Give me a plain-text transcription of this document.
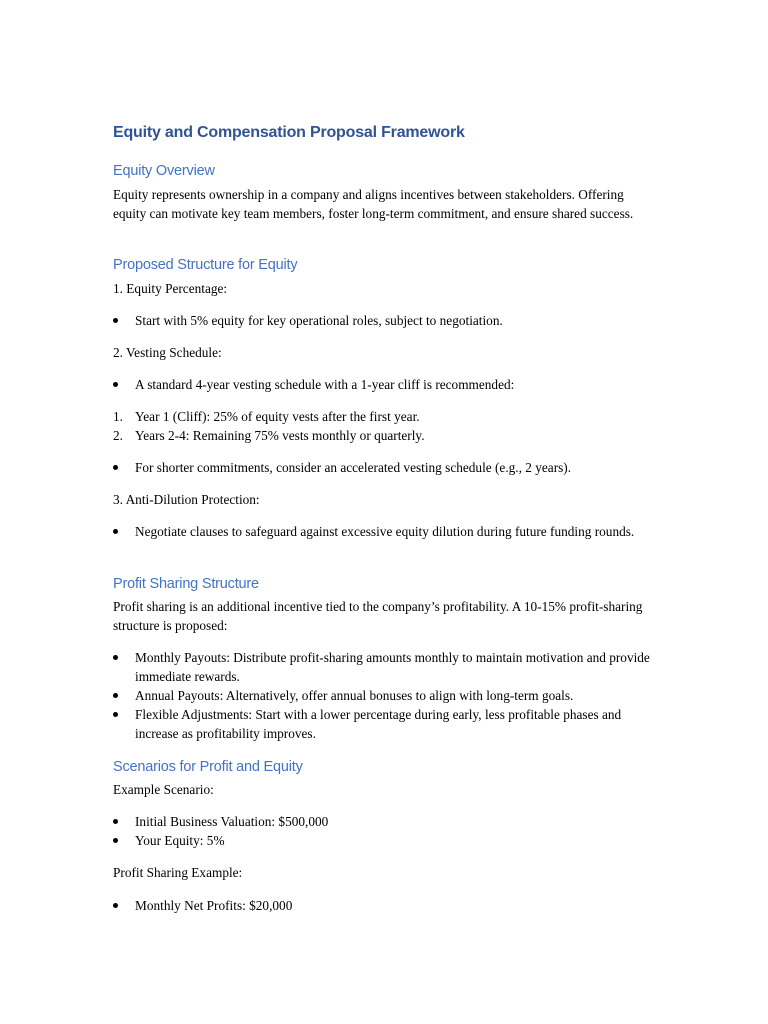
Equity and Compensation Proposal Framework
Equity Overview

Equity represents ownership in a company and aligns incentives between stakeholders. Offering equity can motivate key team members, foster long-term commitment, and ensure shared success.

Proposed Structure for Equity

1. Equity Percentage:

Start with 5% equity for key operational roles, subject to negotiation.

2. Vesting Schedule:

A standard 4-year vesting schedule with a 1-year cliff is recommended:
1. Year 1 (Cliff): 25% of equity vests after the first year.
2. Years 2-4: Remaining 75% vests monthly or quarterly.
For shorter commitments, consider an accelerated vesting schedule (e.g., 2 years).

3. Anti-Dilution Protection:

Negotiate clauses to safeguard against excessive equity dilution during future funding rounds.
Profit Sharing Structure

Profit sharing is an additional incentive tied to the company’s profitability. A 10-15% profit-sharing structure is proposed:

Monthly Payouts: Distribute profit-sharing amounts monthly to maintain motivation and provide immediate rewards.
Annual Payouts: Alternatively, offer annual bonuses to align with long-term goals.
Flexible Adjustments: Start with a lower percentage during early, less profitable phases and increase as profitability improves.
Scenarios for Profit and Equity

Example Scenario:

Initial Business Valuation: $500,000
Your Equity: 5%

Profit Sharing Example:

Monthly Net Profits: $20,000
